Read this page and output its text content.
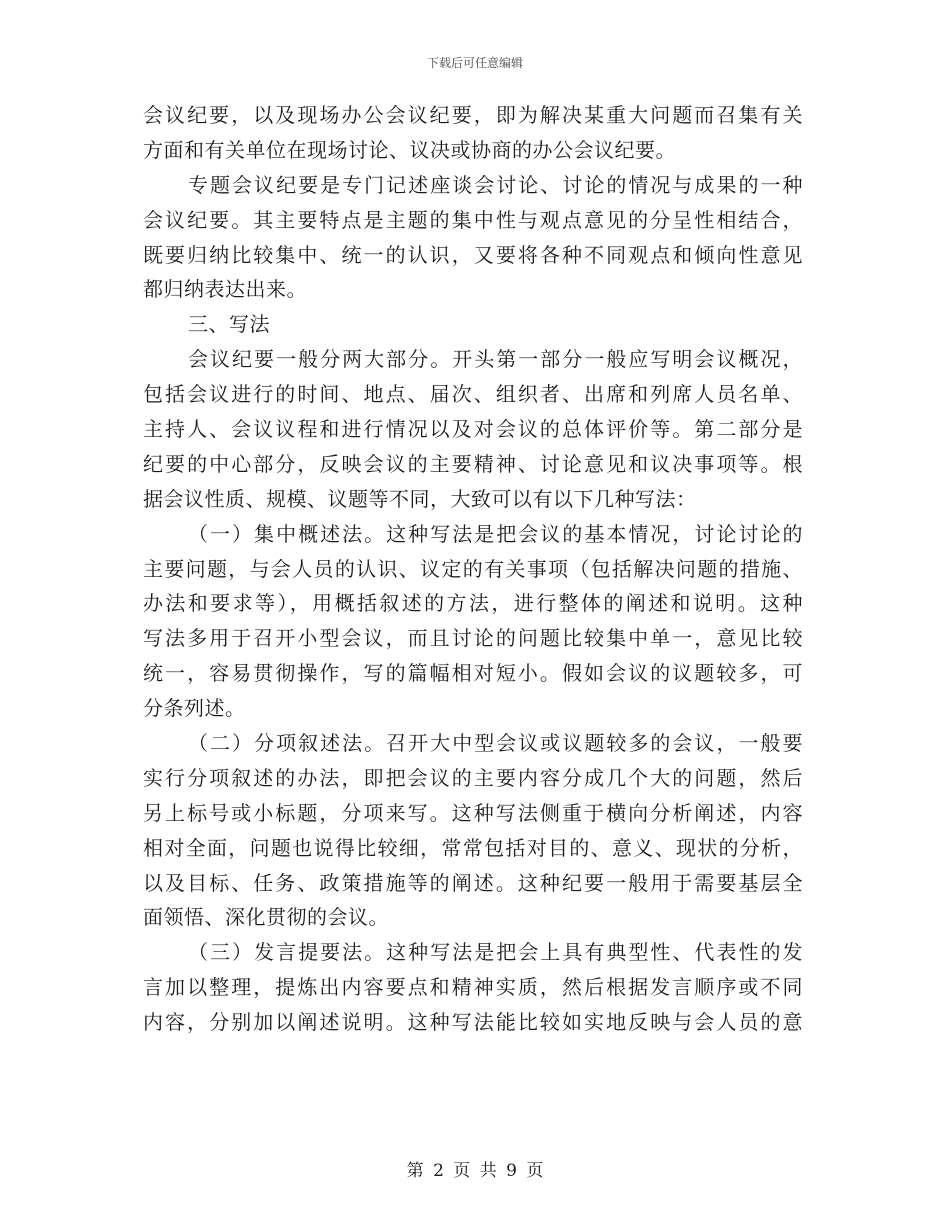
下载后可任意编辑
会议纪要，以及现场办公会议纪要，即为解决某重大问题而召集有关
方面和有关单位在现场讨论、议决或协商的办公会议纪要。
专题会议纪要是专门记述座谈会讨论、讨论的情况与成果的一种
会议纪要。其主要特点是主题的集中性与观点意见的分呈性相结合，
既要归纳比较集中、统一的认识，又要将各种不同观点和倾向性意见
都归纳表达出来。
三、写法
会议纪要一般分两大部分。开头第一部分一般应写明会议概况，
包括会议进行的时间、地点、届次、组织者、出席和列席人员名单、
主持人、会议议程和进行情况以及对会议的总体评价等。第二部分是
纪要的中心部分，反映会议的主要精神、讨论意见和议决事项等。根
据会议性质、规模、议题等不同，大致可以有以下几种写法：
（一）集中概述法。这种写法是把会议的基本情况，讨论讨论的
主要问题，与会人员的认识、议定的有关事项（包括解决问题的措施、
办法和要求等），用概括叙述的方法，进行整体的阐述和说明。这种
写法多用于召开小型会议，而且讨论的问题比较集中单一，意见比较
统一，容易贯彻操作，写的篇幅相对短小。假如会议的议题较多，可
分条列述。
（二）分项叙述法。召开大中型会议或议题较多的会议，一般要
实行分项叙述的办法，即把会议的主要内容分成几个大的问题，然后
另上标号或小标题，分项来写。这种写法侧重于横向分析阐述，内容
相对全面，问题也说得比较细，常常包括对目的、意义、现状的分析，
以及目标、任务、政策措施等的阐述。这种纪要一般用于需要基层全
面领悟、深化贯彻的会议。
（三）发言提要法。这种写法是把会上具有典型性、代表性的发
言加以整理，提炼出内容要点和精神实质，然后根据发言顺序或不同
内容，分别加以阐述说明。这种写法能比较如实地反映与会人员的意
第 2 页 共 9 页
